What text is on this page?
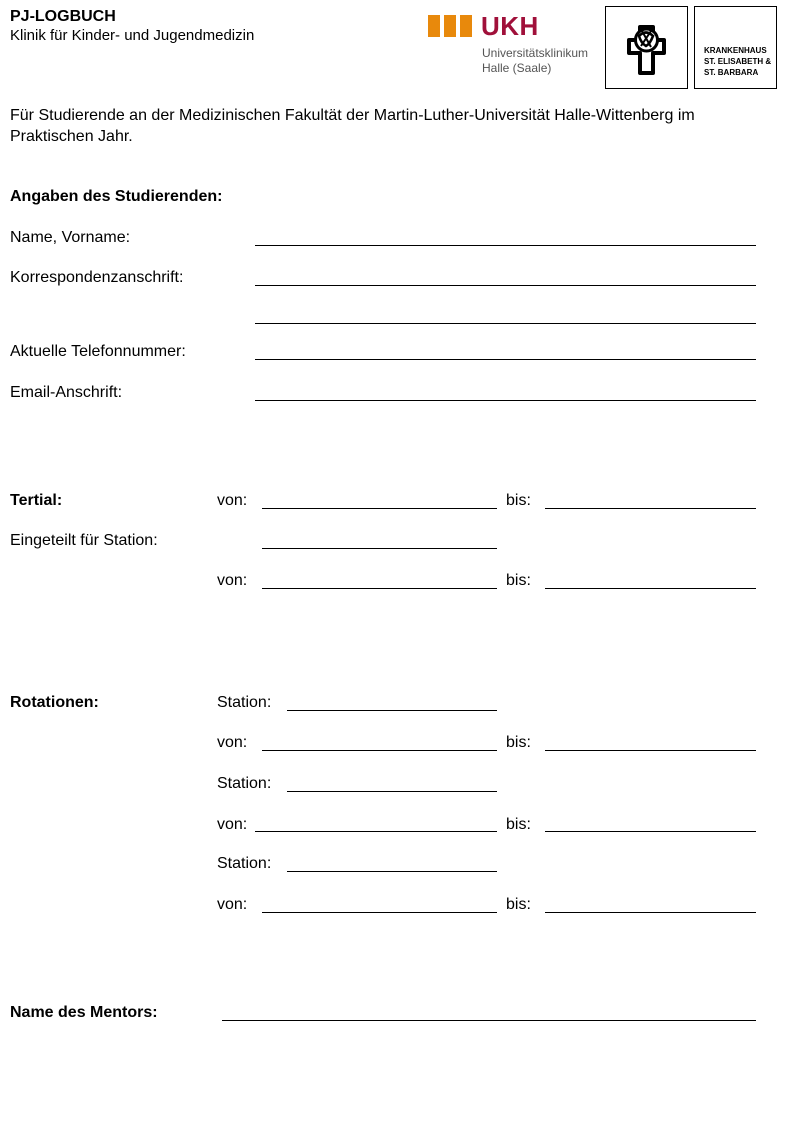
PJ-LOGBUCH
Klinik für Kinder- und Jugendmedizin	UKH
Universitätsklinikum
Halle (Saale)
KRANKENHAUS
ST. ELISABETH &
ST. BARBARA
Für Studierende an der Medizinischen Fakultät der Martin-Luther-Universität Halle-Wittenberg im
Praktischen Jahr.
Angaben des Studierenden:
Name, Vorname:
Korrespondenzanschrift:
Aktuelle Telefonnummer:
Email-Anschrift:
Tertial:	von:	bis:
Eingeteilt für Station:
von:	bis:
Rotationen:	Station:
von:	bis:
Station:
von:	bis:
Station:
von:	bis:
Name des Mentors:
